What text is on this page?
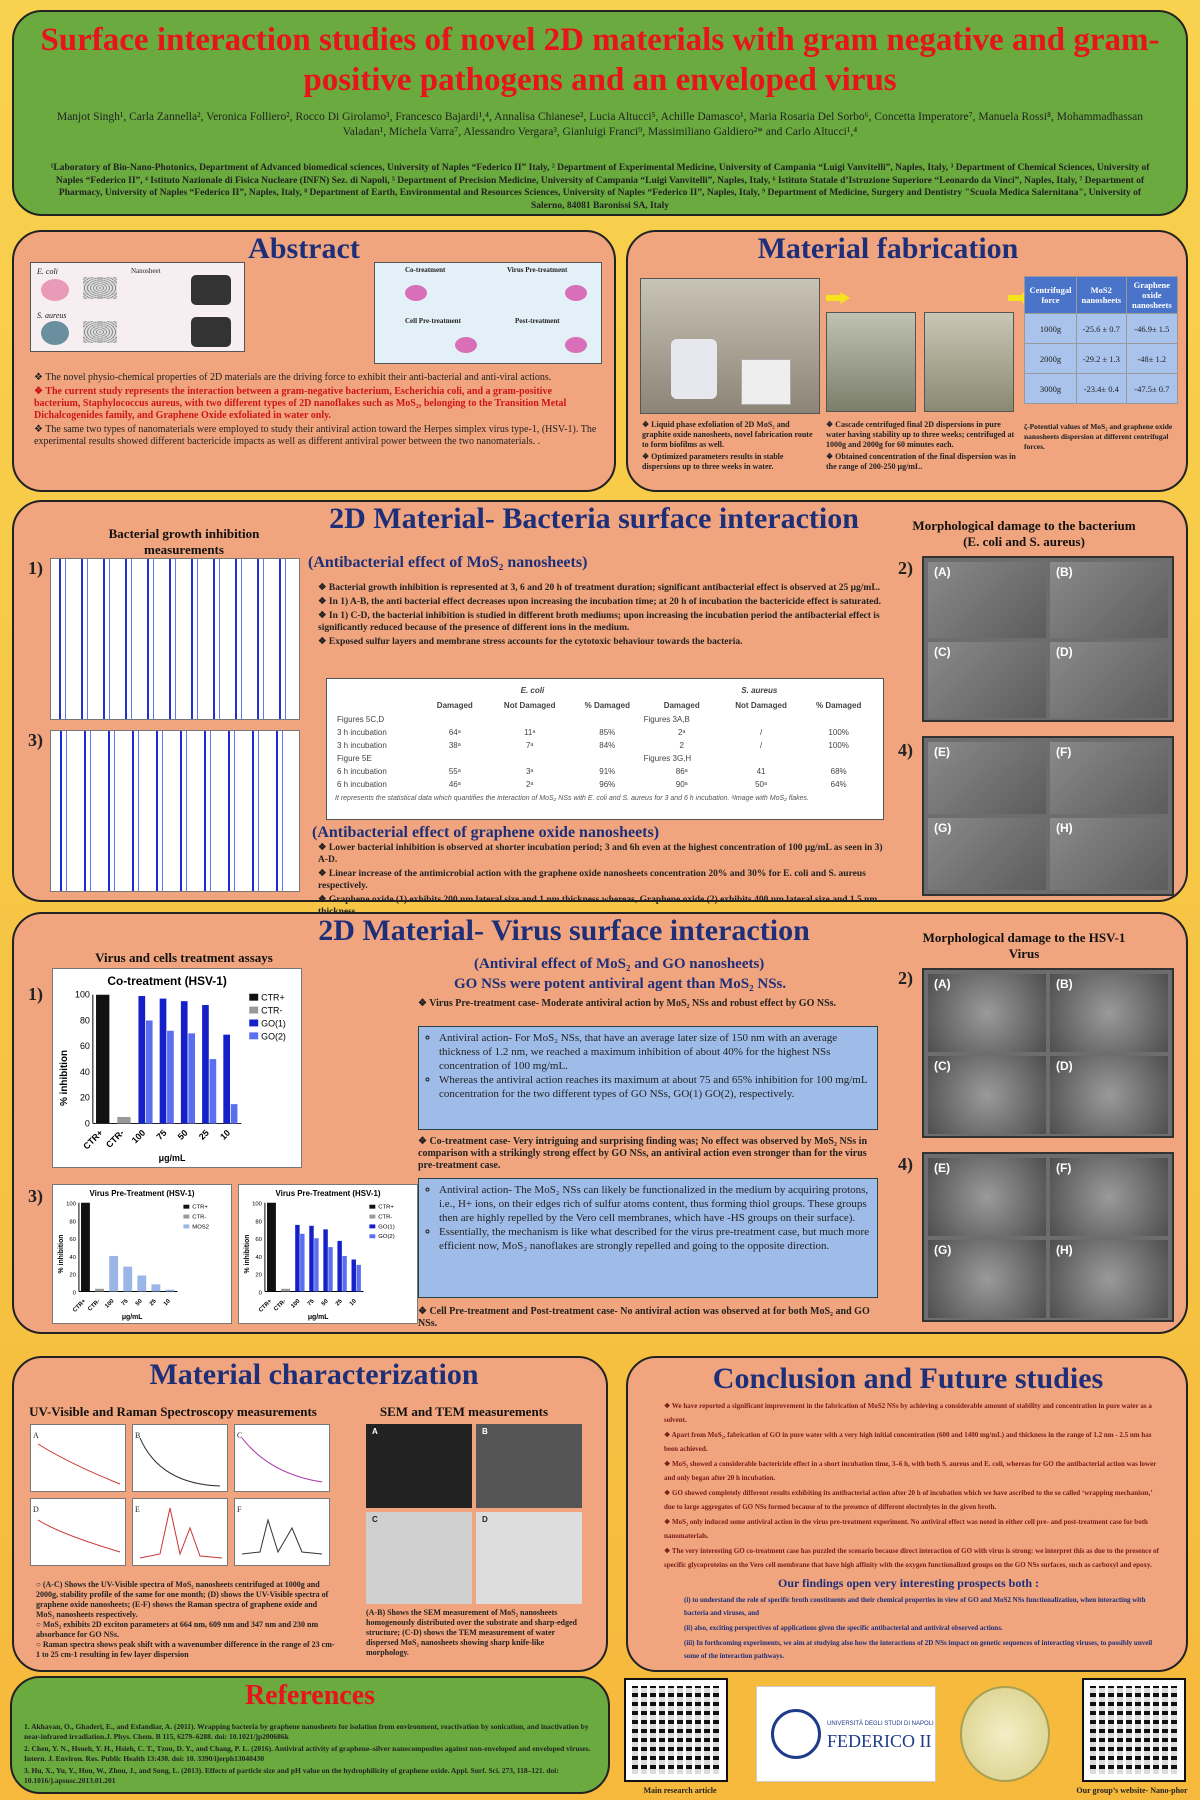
Surface interaction studies of novel 2D materials with gram negative and gram-positive pathogens and an enveloped virus
Manjot Singh¹, Carla Zannella², Veronica Folliero², Rocco Di Girolamo³, Francesco Bajardi¹,⁴, Annalisa Chianese², Lucia Altucci⁵, Achille Damasco¹, Maria Rosaria Del Sorbo⁶, Concetta Imperatore⁷, Manuela Rossi⁸, Mohammadhassan Valadan¹, Michela Varra⁷, Alessandro Vergara³, Gianluigi Franci⁹, Massimiliano Galdiero²* and Carlo Altucci¹,⁴
¹Laboratory of Bio-Nano-Photonics, Department of Advanced biomedical sciences, University of Naples “Federico II” Italy, ² Department of Experimental Medicine, University of Campania “Luigi Vanvitelli”, Naples, Italy, ³ Department of Chemical Sciences, University of Naples “Federico II”, ⁴ Istituto Nazionale di Fisica Nucleare (INFN) Sez. di Napoli, ⁵ Department of Precision Medicine, University of Campania “Luigi Vanvitelli”, Naples, Italy, ⁶ Istituto Statale d’Istruzione Superiore “Leonardo da Vinci”, Naples, Italy, ⁷ Department of Pharmacy, University of Naples “Federico II”, Naples, Italy, ⁸ Department of Earth, Environmental and Resources Sciences, University of Naples “Federico II”, Naples, Italy, ⁹ Department of Medicine, Surgery and Dentistry "Scuola Medica Salernitana", University of Salerno, 84081 Baronissi SA, Italy
Abstract
E. coli
S. aureus
Nanosheet	Co-treatment	Virus Pre-treatment
Cell Pre-treatment	Post-treatment

❖ The novel physio-chemical properties of 2D materials are the driving force to exhibit their anti-bacterial and anti-viral actions.

❖ The current study represents the interaction between a gram-negative bacterium, Escherichia coli, and a gram-positive bacterium, Staphylococcus aureus, with two different types of 2D nanoflakes such as MoS₂, belonging to the Transition Metal Dichalcogenides family, and Graphene Oxide exfoliated in water only.

❖ The same two types of nanomaterials were employed to study their antiviral action toward the Herpes simplex virus type-1, (HSV-1). The experimental results showed different bactericide impacts as well as different antiviral power between the two nanomaterials. .

Material fabrication
Centrifugal force	MoS2 nanosheets	Graphene oxide nanosheets
1000g	-25.6 ± 0.7	-46.9± 1.5
2000g	-29.2 ± 1.3	-48± 1.2
3000g	-23.4± 0.4	-47.5± 0.7

❖ Liquid phase exfoliation of 2D MoS₂ and graphite oxide nanosheets, novel fabrication route to form biofilms as well.

❖ Optimized parameters results in stable dispersions up to three weeks in water.

❖ Cascade centrifuged final 2D dispersions in pure water having stability up to three weeks; centrifuged at 1000g and 2000g for 60 minutes each.

❖ Obtained concentration of the final dispersion was in the range of 200-250 μg/mL.

ζ-Potential values of MoS₂ and graphene oxide nanosheets dispersion at different centrifugal forces.
2D Material- Bacteria surface interaction
Bacterial growth inhibition measurements
Morphological damage to the bacterium (E. coli and S. aureus)
1)
3)
2)
4)
(Antibacterial effect of MoS₂ nanosheets)

❖ Bacterial growth inhibition is represented at 3, 6 and 20 h of treatment duration; significant antibacterial effect is observed at 25 μg/mL.

❖ In 1) A-B, the anti bacterial effect decreases upon increasing the incubation time; at 20 h of incubation the bactericide effect is saturated.

❖ In 1) C-D, the bacterial inhibition is studied in different broth mediums; upon increasing the incubation period the antibacterial effect is significantly reduced because of the presence of different ions in the medium.

❖ Exposed sulfur layers and membrane stress accounts for the cytotoxic behaviour towards the bacteria.

	E. coli			S. aureus		
	Damaged	Not Damaged	% Damaged	Damaged	Not Damaged	% Damaged
Figures 5C,D				Figures 3A,B		
3 h incubation	64ᵃ	11ᵃ	85%	2ᵃ	/	100%
3 h incubation	38ᵃ	7ᵃ	84%	2	/	100%
Figure 5E				Figures 3G,H		
6 h incubation	55ᵃ	3ᵃ	91%	86ᵃ	41	68%
6 h incubation	46ᵃ	2ᵃ	96%	90ᵃ	50ᵃ	64%
It represents the statistical data which quantifies the interaction of MoS₂ NSs with E. coli and S. aureus for 3 and 6 h incubation. ᵃImage with MoS₂ flakes.
(Antibacterial effect of graphene oxide nanosheets)

❖ Lower bacterial inhibition is observed at shorter incubation period; 3 and 6h even at the highest concentration of 100 μg/mL as seen in 3) A-D.

❖ Linear increase of the antimicrobial action with the graphene oxide nanosheets concentration 20% and 30% for E. coli and S. aureus respectively.

❖ Graphene oxide (1) exhibits 200 nm lateral size and 1 nm thickness whereas, Graphene oxide (2) exhibits 400 nm lateral size and 1.5 nm

(A)	(B)
(C)	(D)
(E)	(F)
(G)	(H)
2D Material- Virus surface interaction
Virus and cells treatment assays
Morphological damage to the HSV-1 Virus
1)
3)
2)
4)
Co-treatment (HSV-1)
% inhibition
μg/mL
0
20
40
60
80
100
CTR+ CTR- 100 75 50 25 10
CTR+
CTR-
GO(1)
GO(2)
Virus Pre-Treatment (HSV-1)
% inhibition
μg/mL
0
20
40
60
80
100
CTR+ CTR- 100 75 50 25 10
CTR+
CTR-
MOS2
Virus Pre-Treatment (HSV-1)
% inhibition
μg/mL
0
20
40
60
80
100
CTR+ CTR- 100 75 50 25 10
CTR+
CTR-
GO(1)
GO(2)
(Antiviral effect of MoS₂ and GO nanosheets)
GO NSs were potent antiviral agent than MoS₂ NSs.
❖ Virus Pre-treatment case- Moderate antiviral action by MoS₂ NSs and robust effect by GO NSs.
◦ Antiviral action- For MoS₂ NSs, that have an average later size of 150 nm with an average thickness of 1.2 nm, we reached a maximum inhibition of about 40% for the highest NSs concentration of 100 mg/mL.
◦ Whereas the antiviral action reaches its maximum at about 75 and 65% inhibition for 100 mg/mL concentration for the two different types of GO NSs, GO(1) GO(2), respectively.
❖ Co-treatment case- Very intriguing and surprising finding was; No effect was observed by MoS₂ NSs in comparison with a strikingly strong effect by GO NSs, an antiviral action even stronger than for the virus pre-treatment case.
◦ Antiviral action- The MoS₂ NSs can likely be functionalized in the medium by acquiring protons, i.e., H+ ions, on their edges rich of sulfur atoms content, thus forming thiol groups. These groups then are highly repelled by the Vero cell membranes, which have -HS groups on their surface).
◦ Essentially, the mechanism is like what described for the virus pre-treatment case, but much more efficient now, MoS₂ nanoflakes are strongly repelled and going to the opposite direction.
❖ Cell Pre-treatment and Post-treatment case- No antiviral action was observed at for both MoS₂ and GO NSs.
(A)	(B)
(C)	(D)
(E)	(F)
(G)	(H)
Material characterization
UV-Visible and Raman Spectroscopy measurements	SEM and TEM measurements
A	B	C
D	E	F

○ (A-C) Shows the UV-Visible spectra of MoS₂ nanosheets centrifuged at 1000g and 2000g, stability profile of the same for one month; (D) shows the UV-Visible spectra of graphene oxide nanosheets; (E-F) shows the Raman spectra of graphene oxide and MoS₂ nanosheets respectively.

○ MoS₂ exhibits 2D exciton parameters at 664 nm, 609 nm and 347 nm and 230 nm absorbance for GO NSs.

○ Raman spectra shows peak shift with a wavenumber difference in the range of 23 cm-1 to 25 cm-1 resulting in few layer dispersion

A	B
C	D
(A-B) Shows the SEM measurement of MoS₂ nanosheets homogenously distributed over the substrate and sharp-edged structure; (C-D) shows the TEM measurement of water dispersed MoS₂ nanosheets showing sharp knife-like morphology.
Conclusion and Future studies

❖ We have reported a significant improvement in the fabrication of MoS2 NSs by achieving a considerable amount of stability and concentration in pure water as a solvent.

❖ Apart from MoS₂, fabrication of GO in pure water with a very high initial concentration (600 and 1400 mg/mL) and thickness in the range of 1.2 nm - 2.5 nm has been achieved.

❖ MoS₂ showed a considerable bactericide effect in a short incubation time, 3–6 h, with both S. aureus and E. coli, whereas for GO the antibacterial action was lower and only began after 20 h incubation.

❖ GO showed completely different results exhibiting its antibacterial action after 20 h of incubation which we have ascribed to the so called ‘wrapping mechanism,’ due to large aggregates of GO NSs formed because of to the presence of different electrolytes in the given broth.

❖ MoS₂ only induced some antiviral action in the virus pre-treatment experiment. No antiviral effect was noted in either cell pre- and post-treatment case for both nanomaterials.

❖ The very interesting GO co-treatment case has puzzled the scenario because direct interaction of GO with virus is strong: we interpret this as due to the presence of specific glycoproteins on the Vero cell membrane that have high affinity with the oxygen functionalized groups on the GO NSs surfaces, such as carboxyl and epoxy.

Our findings open very interesting prospects both :

(i) to understand the role of specific broth constituents and their chemical properties in view of GO and MoS2 NSs functionalization, when interacting with bacteria and viruses, and

(ii) also, exciting perspectives of applications given the specific antibacterial and antiviral observed actions.

(iii) In forthcoming experiments, we aim at studying also how the interactions of 2D NSs impact on genetic sequences of interacting viruses, to possibly unveil some of the interaction pathways.

References

1. Akhavan, O., Ghaderi, E., and Esfandiar, A. (2011). Wrapping bacteria by graphene nanosheets for isolation from environment, reactivation by sonication, and inactivation by near-infrared irradiation.J. Phys. Chem. B 115, 6279–6288. doi: 10.1021/jp200686k

2. Chen, Y. N., Hsueh, Y. H., Hsieh, C. T., Tzou, D. Y., and Chang, P. L. (2016). Antiviral activity of graphene–silver nanocomposites against non-enveloped and enveloped viruses. Intern. J. Environ. Res. Public Health 13:430. doi: 10. 3390/ijerph13040430

3. Hu, X., Yu, Y., Hou, W., Zhou, J., and Song, L. (2013). Effects of particle size and pH value on the hydrophilicity of graphene oxide. Appl. Surf. Sci. 273, 118–121. doi: 10.1016/j.apsusc.2013.01.201

Main research article
UNIVERSITÀ DEGLI STUDI DI NAPOLI
FEDERICO II
Our group’s website- Nano-phor
